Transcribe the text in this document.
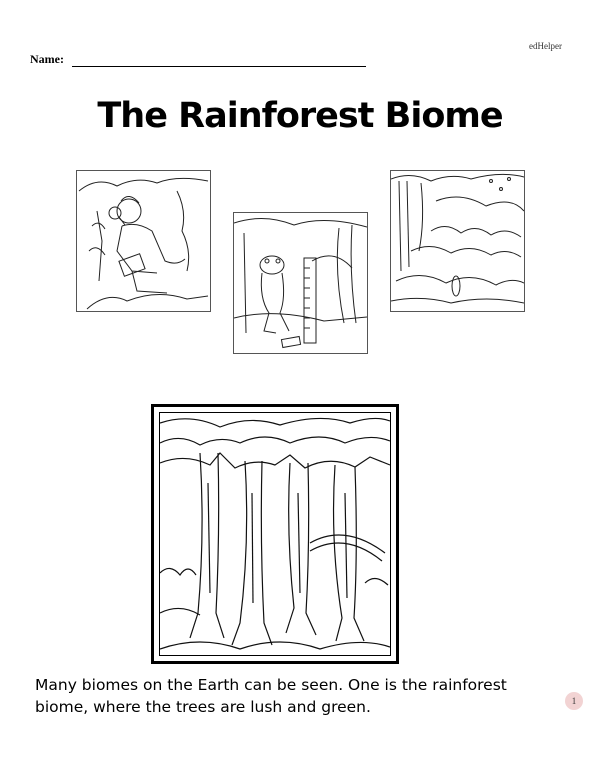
edHelper
Name:
The Rainforest Biome
Many biomes on the Earth can be seen. One is the rainforest
biome, where the trees are lush and green.	1
